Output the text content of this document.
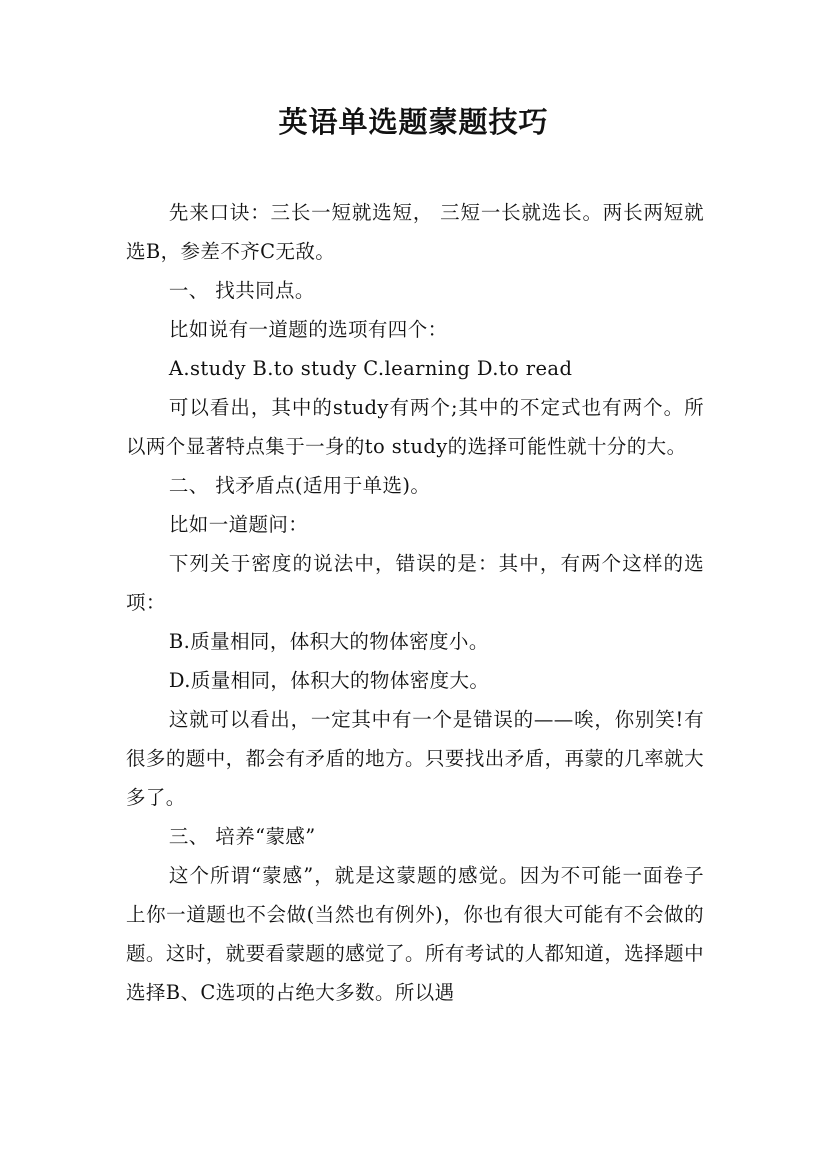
英语单选题蒙题技巧

先来口诀：三长一短就选短， 三短一长就选长。两长两短就选B，参差不齐C无敌。

一、 找共同点。

比如说有一道题的选项有四个：

A.study B.to study C.learning D.to read

可以看出，其中的study有两个;其中的不定式也有两个。所以两个显著特点集于一身的to study的选择可能性就十分的大。

二、 找矛盾点(适用于单选)。

比如一道题问：

下列关于密度的说法中，错误的是：其中，有两个这样的选项：

B.质量相同，体积大的物体密度小。

D.质量相同，体积大的物体密度大。

这就可以看出，一定其中有一个是错误的——唉，你别笑!有很多的题中，都会有矛盾的地方。只要找出矛盾，再蒙的几率就大多了。

三、 培养“蒙感”

这个所谓“蒙感”，就是这蒙题的感觉。因为不可能一面卷子上你一道题也不会做(当然也有例外)，你也有很大可能有不会做的题。这时，就要看蒙题的感觉了。所有考试的人都知道，选择题中选择B、C选项的占绝大多数。所以遇
